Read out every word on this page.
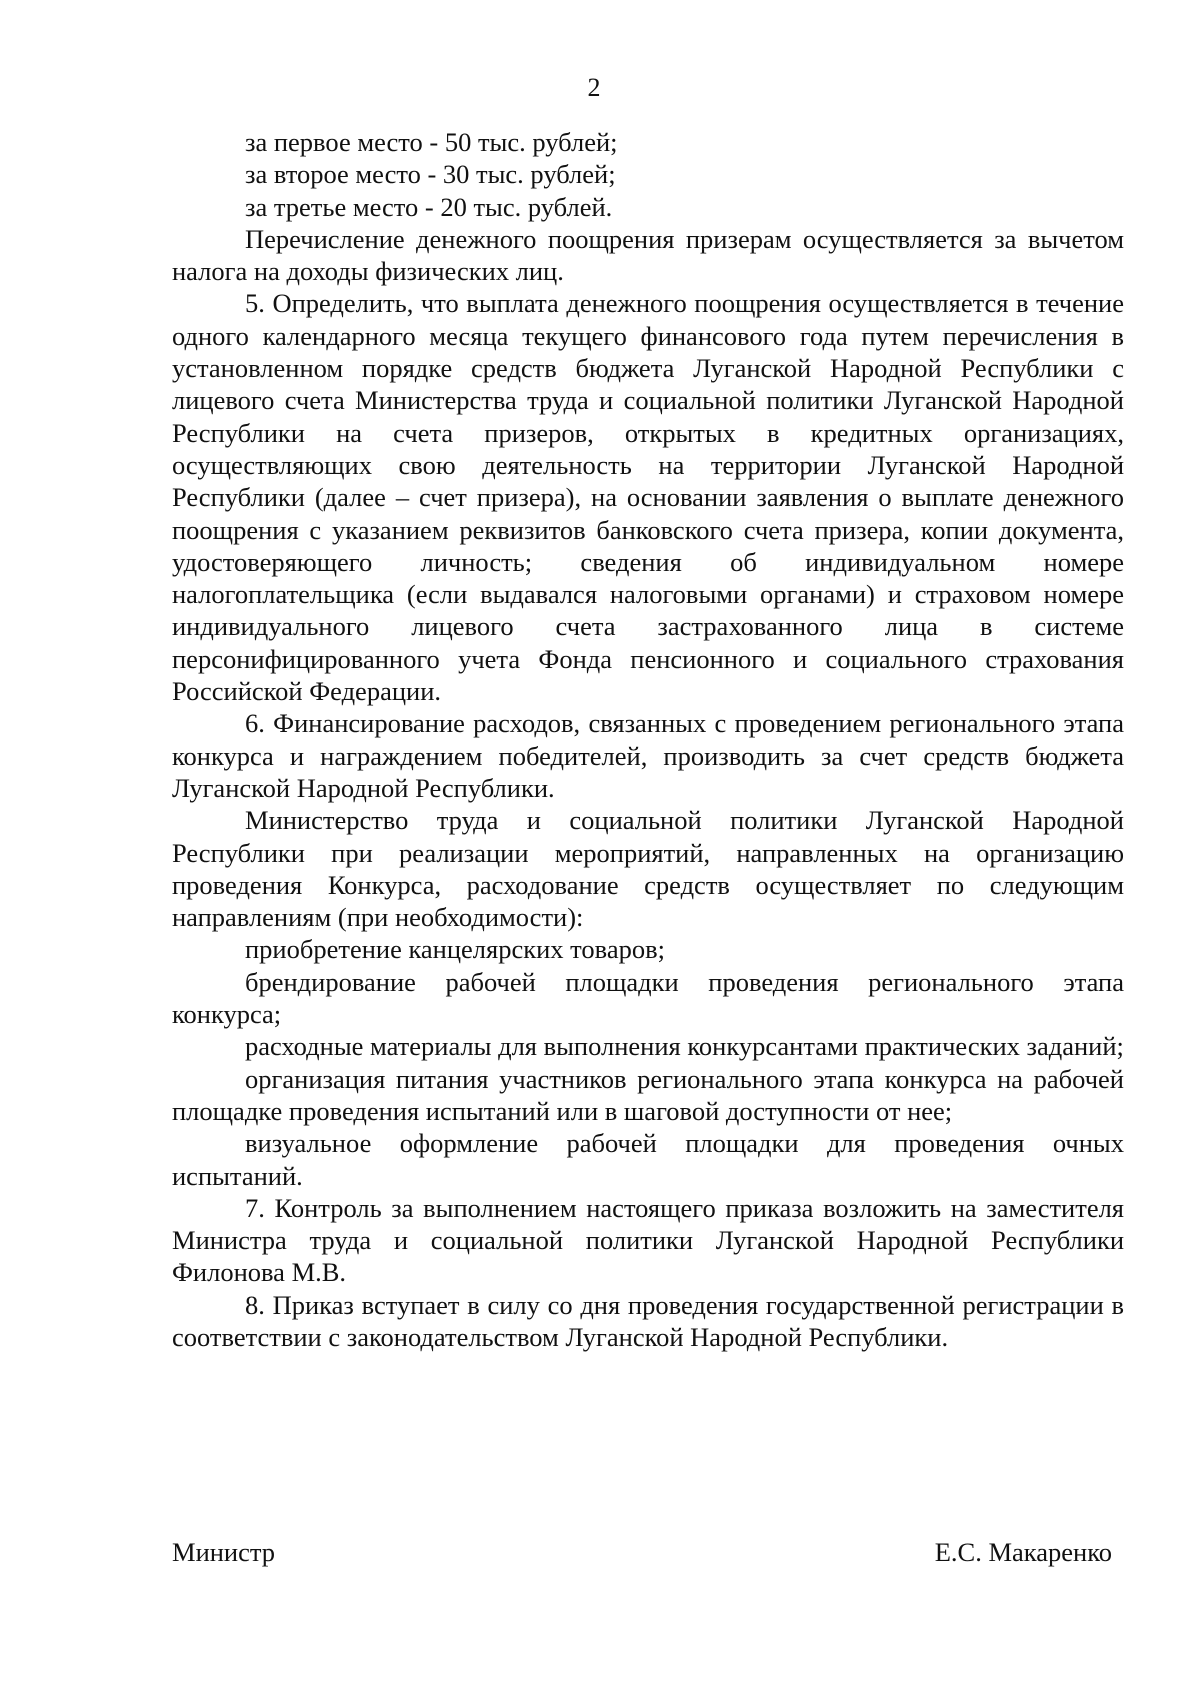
2

за первое место - 50 тыс. рублей;

за второе место - 30 тыс. рублей;

за третье место - 20 тыс. рублей.

Перечисление денежного поощрения призерам осуществляется за вычетом налога на доходы физических лиц.

5. Определить, что выплата денежного поощрения осуществляется в течение одного календарного месяца текущего финансового года путем перечисления в установленном порядке средств бюджета Луганской Народной Республики с лицевого счета Министерства труда и социальной политики Луганской Народной Республики на счета призеров, открытых в кредитных организациях, осуществляющих свою деятельность на территории Луганской Народной Республики (далее – счет призера), на основании заявления о выплате денежного поощрения с указанием реквизитов банковского счета призера, копии документа, удостоверяющего личность; сведения об индивидуальном номере налогоплательщика (если выдавался налоговыми органами) и страховом номере индивидуального лицевого счета застрахованного лица в системе персонифицированного учета Фонда пенсионного и социального страхования Российской Федерации.

6. Финансирование расходов, связанных с проведением регионального этапа конкурса и награждением победителей, производить за счет средств бюджета Луганской Народной Республики.

Министерство труда и социальной политики Луганской Народной Республики при реализации мероприятий, направленных на организацию проведения Конкурса, расходование средств осуществляет по следующим направлениям (при необходимости):

приобретение канцелярских товаров;

брендирование рабочей площадки проведения регионального этапа конкурса;

расходные материалы для выполнения конкурсантами практических заданий;

организация питания участников регионального этапа конкурса на рабочей площадке проведения испытаний или в шаговой доступности от нее;

визуальное оформление рабочей площадки для проведения очных испытаний.

7. Контроль за выполнением настоящего приказа возложить на заместителя Министра труда и социальной политики Луганской Народной Республики Филонова М.В.

8. Приказ вступает в силу со дня проведения государственной регистрации в соответствии с законодательством Луганской Народной Республики.

Министр	Е.С. Макаренко
